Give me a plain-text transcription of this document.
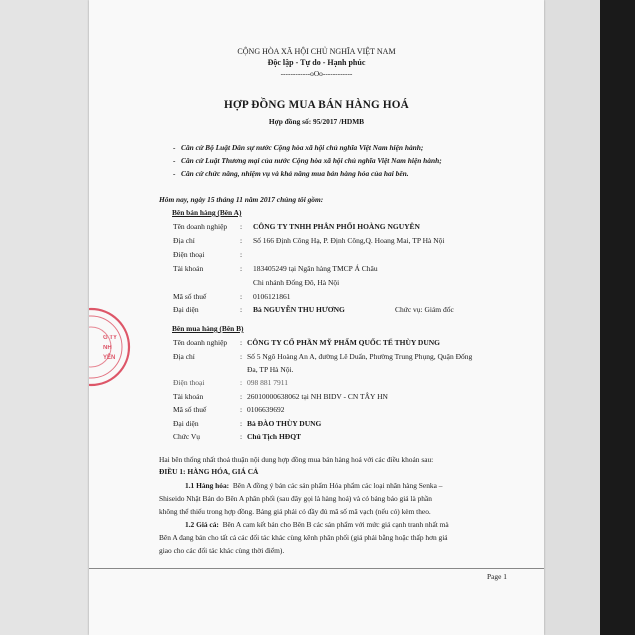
CỘNG HÒA XÃ HỘI CHỦ NGHĨA VIỆT NAM
Độc lập - Tự do - Hạnh phúc
------------oOo------------
HỢP ĐỒNG MUA BÁN HÀNG HOÁ
Hợp đồng số: 95/2017 /HDMB
-   Căn cứ Bộ Luật Dân sự nước Cộng hòa xã hội chủ nghĩa Việt Nam hiện hành;
-   Căn cứ Luật Thương mại của nước Cộng hòa xã hội chủ nghĩa Việt Nam hiện hành;
-   Căn cứ chức năng, nhiệm vụ và khả năng mua bán hàng hóa của hai bên.
Hôm nay, ngày 15 tháng 11 năm 2017 chúng tôi gồm:
Bên bán hàng (Bên A)
Tên doanh nghiệp : CÔNG TY TNHH PHÂN PHỐI HOÀNG NGUYÊN
Địa chỉ	: Số 166 Định Công Hạ, P. Định Công,Q. Hoang Mai, TP Hà Nội
Điện thoại	:
Tài khoản	: 183405249 tại Ngân hàng TMCP Á Châu
Chi nhánh Đống Đô, Hà Nội
Mã số thuế	: 0106121861
Đại diện	: Bà NGUYỄN THU HƯƠNG	Chức vụ: Giám đốc
Bên mua hàng (Bên B)
Tên doanh nghiệp : CÔNG TY CỔ PHẦN MỸ PHẨM QUỐC TẾ THÙY DUNG
Địa chỉ	: Số 5 Ngõ Hoàng An A, đường Lê Duẩn, Phường Trung Phụng, Quận Đống
Đa, TP Hà Nội.
Điện thoại	: 098 881 7911
Tài khoản	: 26010000638062 tại NH BIDV - CN TÂY HN
Mã số thuế	: 0106639692
Đại diện	: Bà ĐÀO THÙY DUNG
Chức Vụ	: Chủ Tịch HĐQT
Hai bên thống nhất thoả thuận nội dung hợp đồng mua bán hàng hoá với các điều khoản sau:
ĐIỀU 1: HÀNG HÓA, GIÁ CẢ
1.1 Hàng hóa: Bên A đồng ý bán các sản phẩm Hóa phẩm các loại nhãn hàng Senka –
Shiseido Nhật Bản do Bên A phân phối (sau đây gọi là hàng hoá) và có bảng báo giá là phần
không thể thiếu trong hợp đồng. Bảng giá phải có đầy đủ mã số mã vạch (nếu có) kèm theo.
1.2 Giá cả: Bên A cam kết bán cho Bên B các sản phẩm với mức giá cạnh tranh nhất mà
Bên A đang bán cho tất cả các đối tác khác cùng kênh phân phối (giá phải bằng hoặc thấp hơn giá
giao cho các đối tác khác cùng thời điểm).
Page 1
G TY
NH
YÊN
